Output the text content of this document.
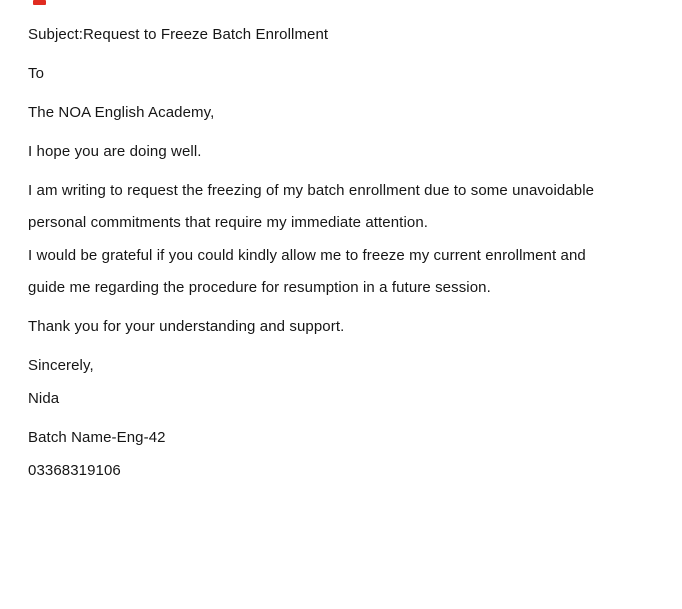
Subject:Request to Freeze Batch Enrollment

To

The NOA English Academy,

I hope you are doing well.

I am writing to request the freezing of my batch enrollment due to some unavoidable
personal commitments that require my immediate attention.

I would be grateful if you could kindly allow me to freeze my current enrollment and
guide me regarding the procedure for resumption in a future session.

Thank you for your understanding and support.

Sincerely,

Nida

Batch Name-Eng-42

03368319106
